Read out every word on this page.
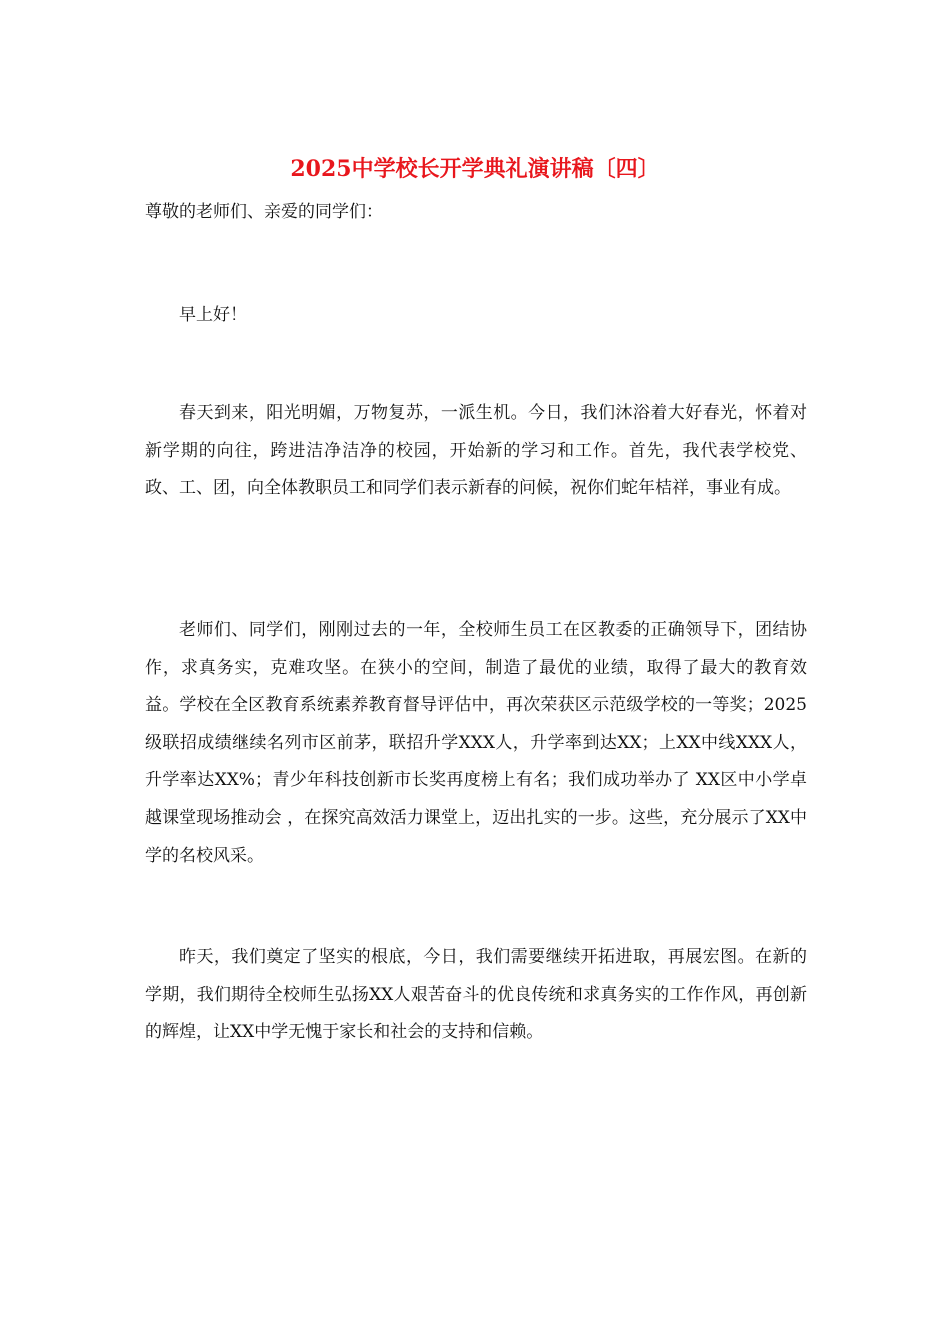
2025中学校长开学典礼演讲稿〔四〕

尊敬的老师们、亲爱的同学们：

早上好！

春天到来，阳光明媚，万物复苏，一派生机。今日，我们沐浴着大好春光，怀着对新学期的向往，跨进洁净洁净的校园，开始新的学习和工作。首先，我代表学校党、政、工、团，向全体教职员工和同学们表示新春的问候，祝你们蛇年桔祥，事业有成。

老师们、同学们，刚刚过去的一年，全校师生员工在区教委的正确领导下，团结协作，求真务实，克难攻坚。在狭小的空间，制造了最优的业绩，取得了最大的教育效益。学校在全区教育系统素养教育督导评估中，再次荣获区示范级学校的一等奖；2025级联招成绩继续名列市区前茅，联招升学XXX人，升学率到达XX；上XX中线XXX人，升学率达XX%；青少年科技创新市长奖再度榜上有名；我们成功举办了 XX区中小学卓越课堂现场推动会 ，在探究高效活力课堂上，迈出扎实的一步。这些，充分展示了XX中学的名校风采。

昨天，我们奠定了坚实的根底，今日，我们需要继续开拓进取，再展宏图。在新的学期，我们期待全校师生弘扬XX人艰苦奋斗的优良传统和求真务实的工作作风，再创新的辉煌，让XX中学无愧于家长和社会的支持和信赖。
